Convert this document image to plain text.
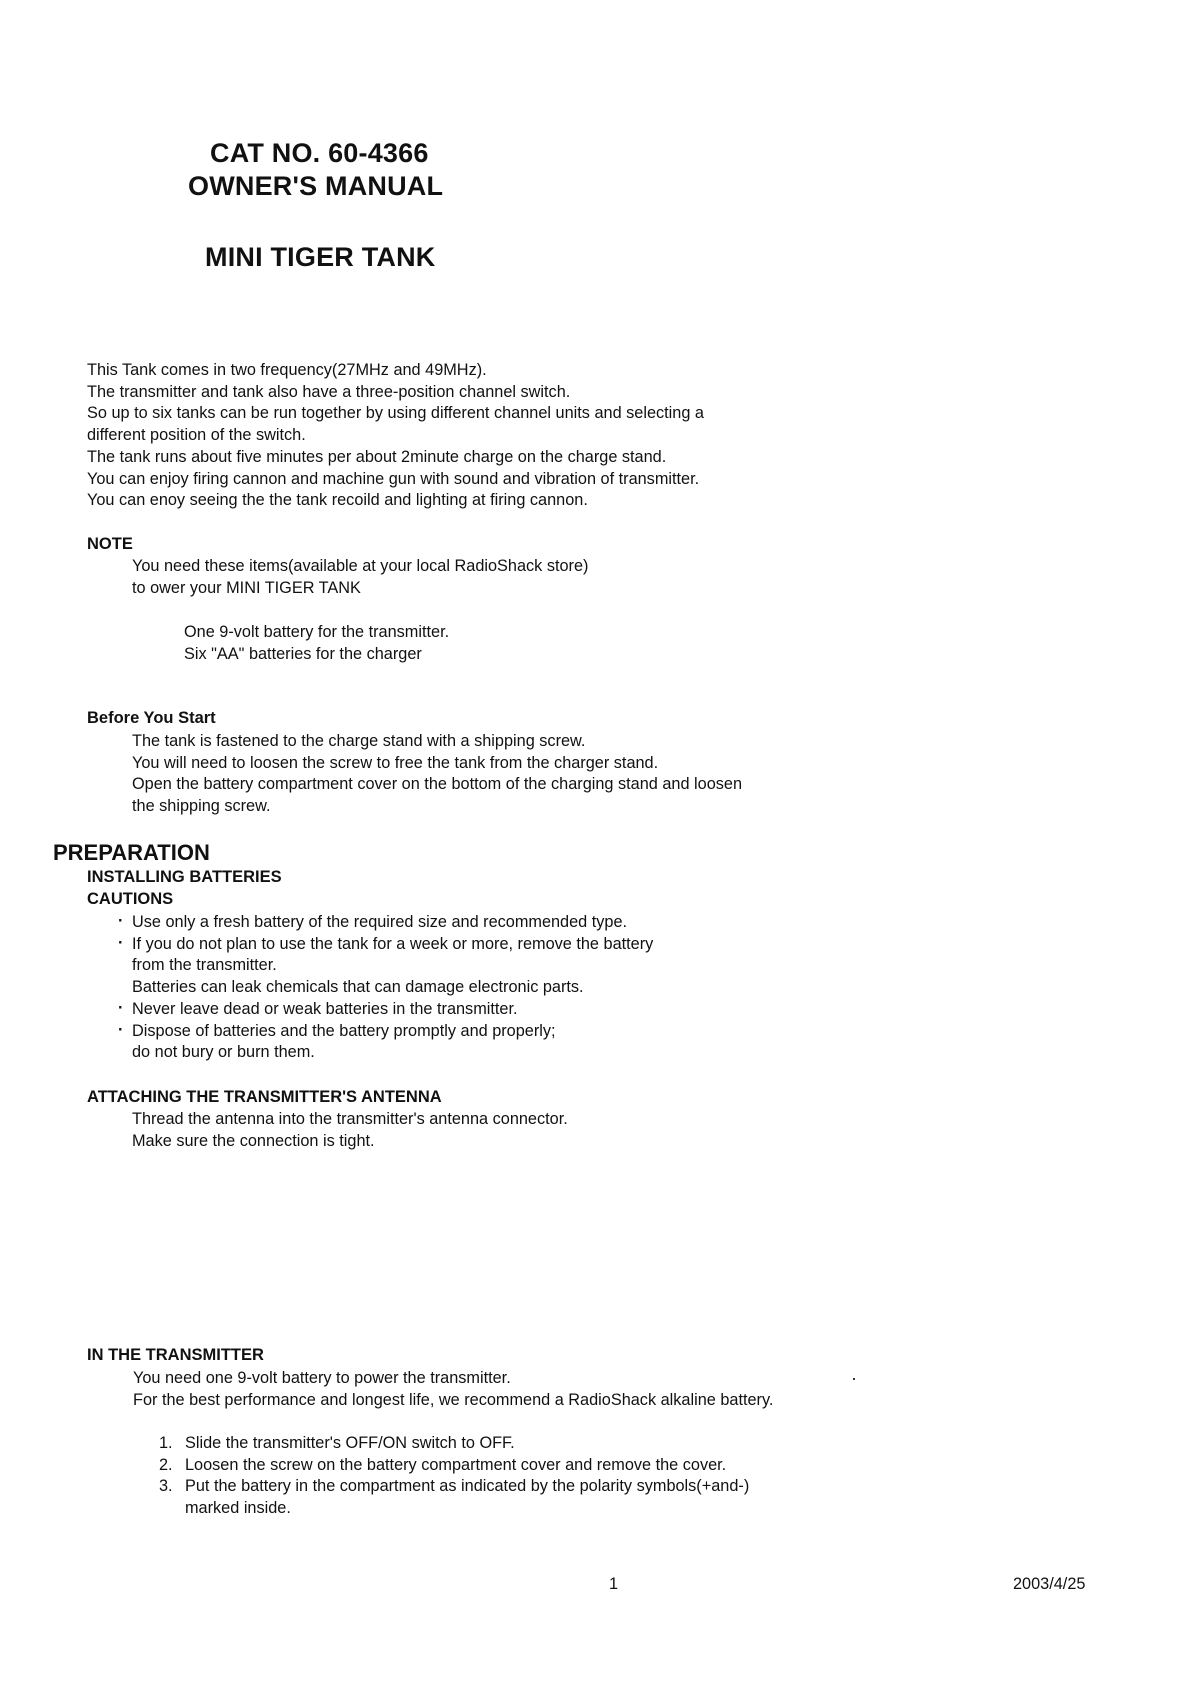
CAT NO. 60-4366
OWNER'S MANUAL
MINI TIGER TANK

This Tank comes in two frequency(27MHz and 49MHz).

The transmitter and tank also have a three-position channel switch.

So up to six tanks can be run together by using different channel units and selecting a

different position of the switch.

The tank runs about five minutes per about 2minute charge on the charge stand.

You can enjoy firing cannon and machine gun with sound and vibration of transmitter.

You can enoy seeing the the tank recoild and lighting at firing cannon.

NOTE

You need these items(available at your local RadioShack store)

to ower your MINI TIGER TANK

One 9-volt battery for the transmitter.

Six "AA" batteries for the charger

Before You Start

The tank is fastened to the charge stand with a shipping screw.

You will need to loosen the screw to free the tank from the charger stand.

Open the battery compartment cover on the bottom of the charging stand and loosen

the shipping screw.

PREPARATION
INSTALLING BATTERIES
CAUTIONS

· Use only a fresh battery of the required size and recommended type.

· If you do not plan to use the tank for a week or more, remove the battery

from the transmitter.

Batteries can leak chemicals that can damage electronic parts.

· Never leave dead or weak batteries in the transmitter.

· Dispose of batteries and the battery promptly and properly;

do not bury or burn them.

ATTACHING THE TRANSMITTER'S ANTENNA

Thread the antenna into the transmitter's antenna connector.

Make sure the connection is tight.

IN THE TRANSMITTER

You need one 9-volt battery to power the transmitter.

For the best performance and longest life, we recommend a RadioShack alkaline battery.

1. Slide the transmitter's OFF/ON switch to OFF.
2. Loosen the screw on the battery compartment cover and remove the cover.
3. Put the battery in the compartment as indicated by the polarity symbols(+and-)
marked inside.
1	2003/4/25
